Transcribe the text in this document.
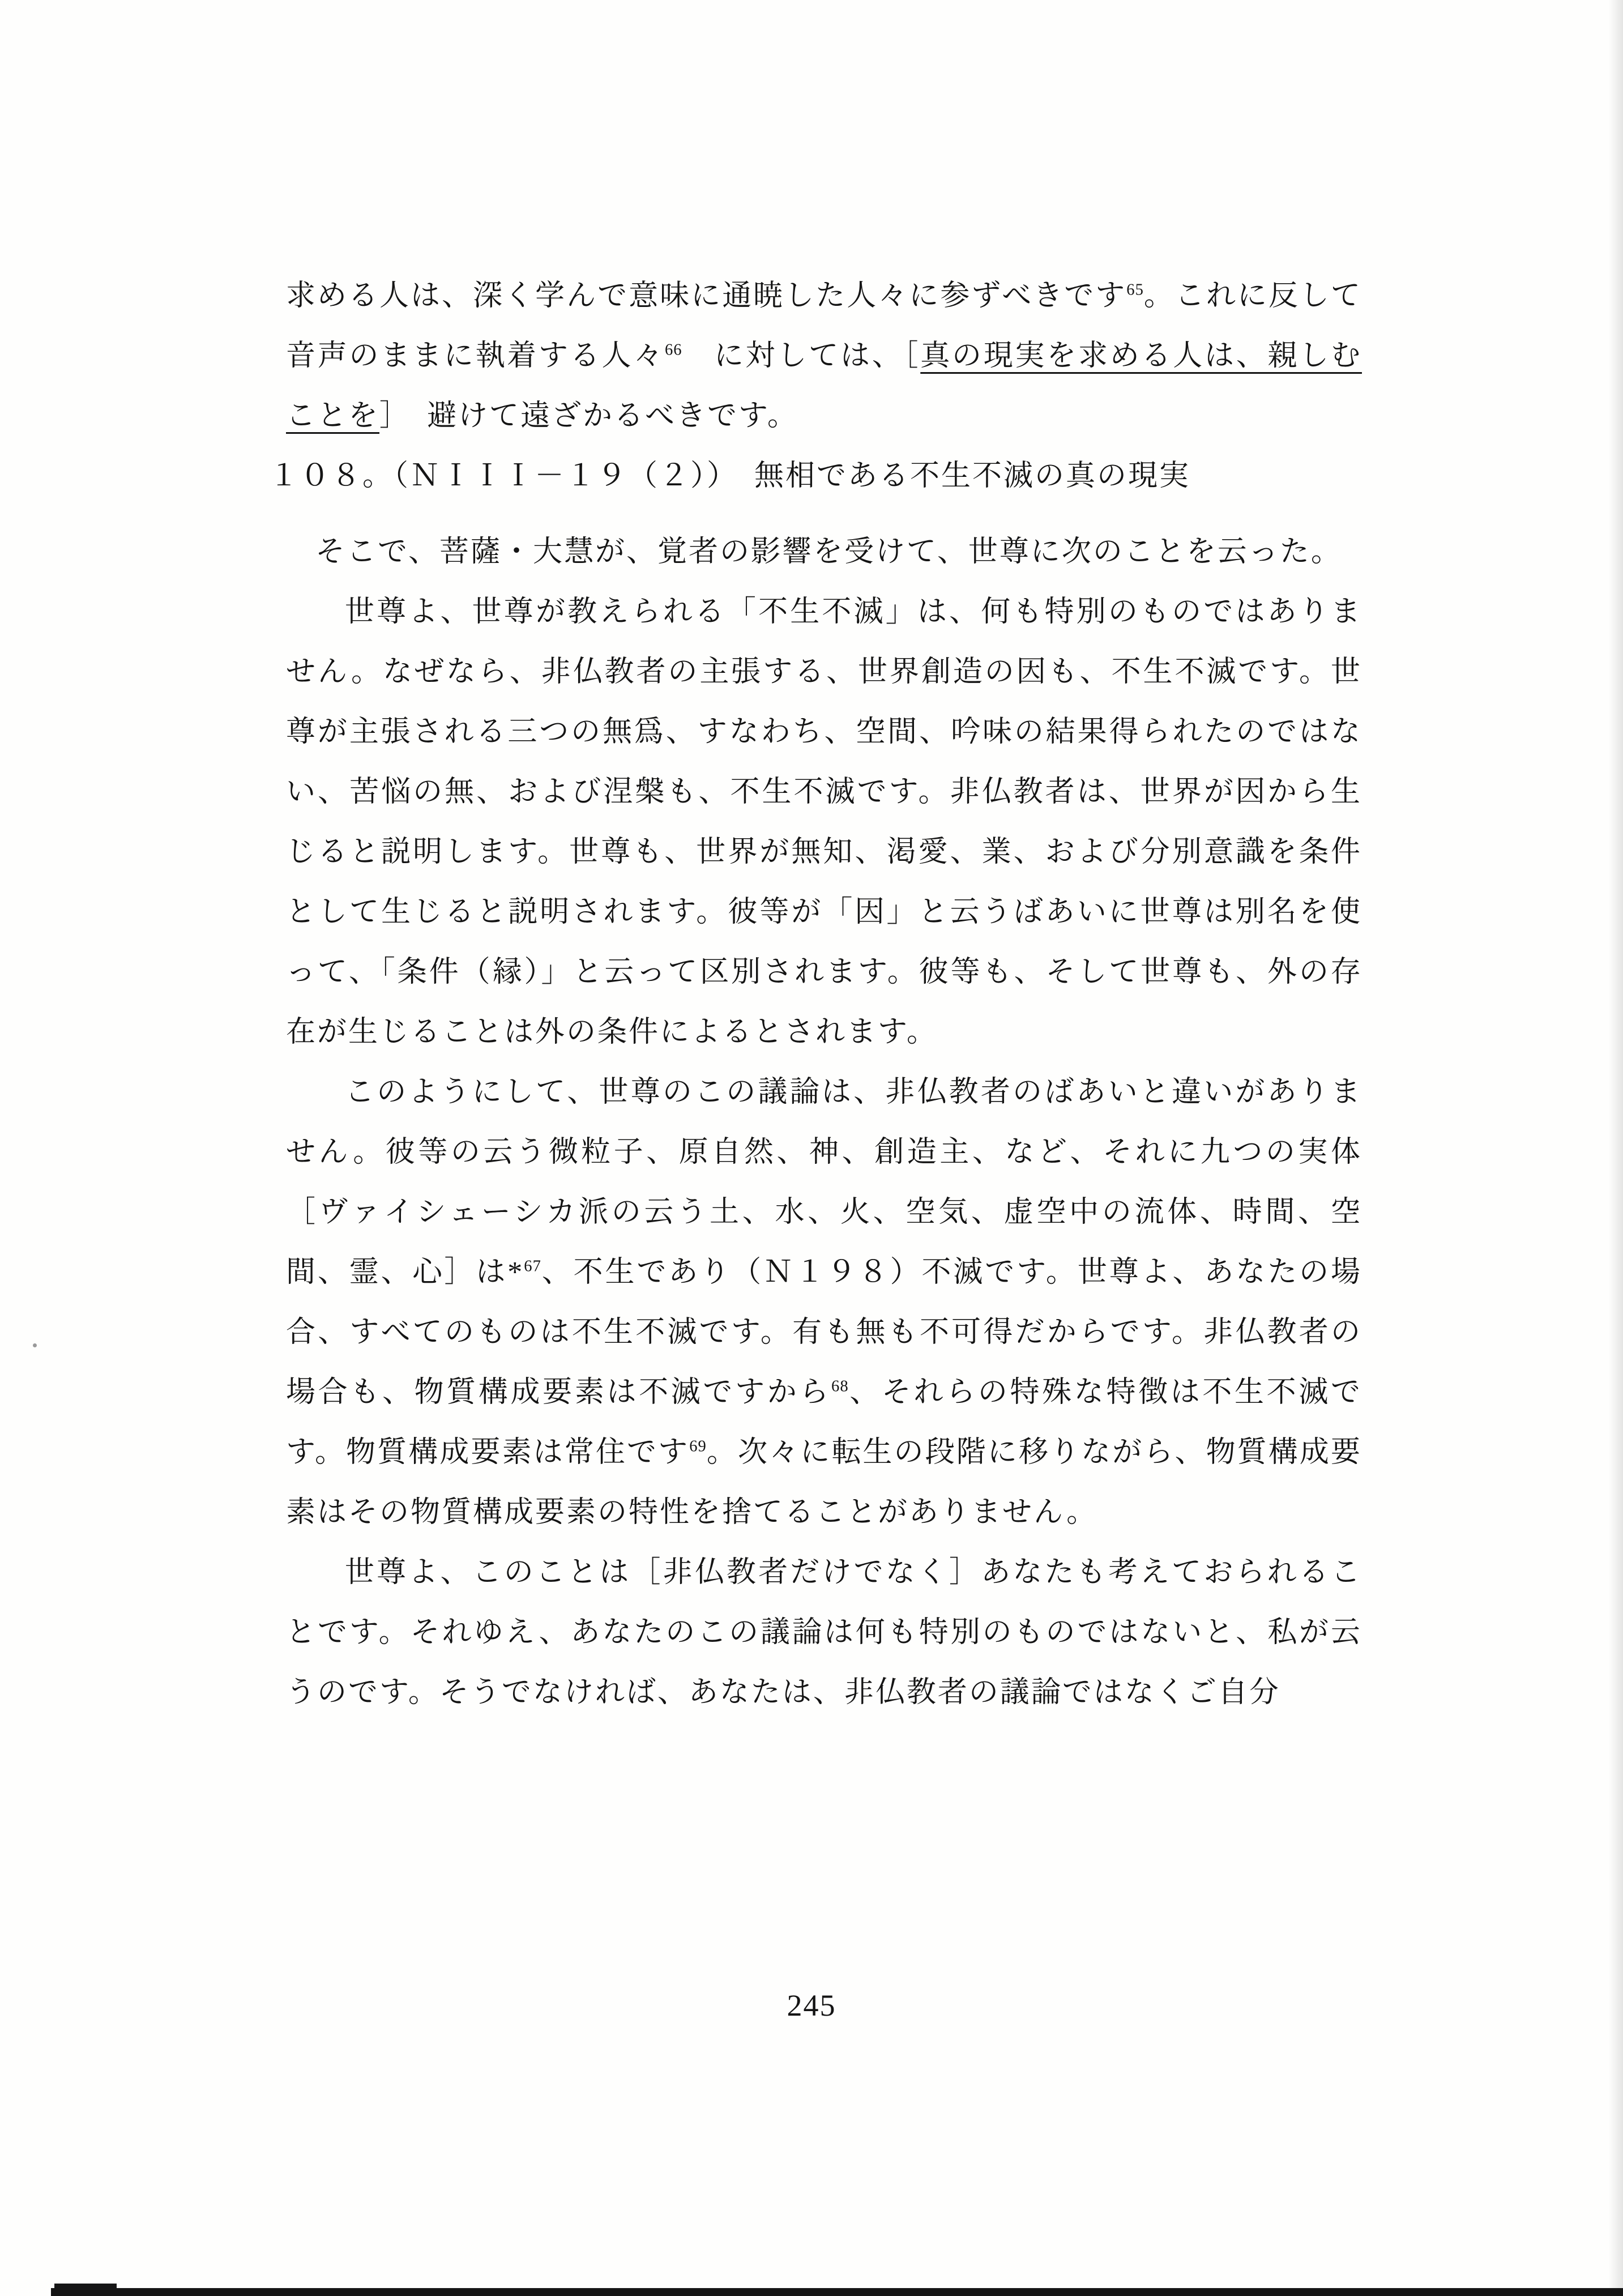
求める人は、深く学んで意味に通暁した人々に参ずべきです$^{65}$。これに反して音声のままに執着する人々$^{66}$　に対しては、［真の現実を求める人は、親しむことを］　避けて遠ざかるべきです。

１０８。（ＮＩＩＩ－１９（２））　無相である不生不滅の真の現実

そこで、菩薩・大慧が、覚者の影響を受けて、世尊に次のことを云った。

世尊よ、世尊が教えられる「不生不滅」は、何も特別のものではありません。なぜなら、非仏教者の主張する、世界創造の因も、不生不滅です。世尊が主張される三つの無爲、すなわち、空間、吟味の結果得られたのではない、苦悩の無、および涅槃も、不生不滅です。非仏教者は、世界が因から生じると説明します。世尊も、世界が無知、渇愛、業、および分別意識を条件として生じると説明されます。彼等が「因」と云うばあいに世尊は別名を使って、「条件（縁）」と云って区別されます。彼等も、そして世尊も、外の存在が生じることは外の条件によるとされます。

このようにして、世尊のこの議論は、非仏教者のばあいと違いがありません。彼等の云う微粒子、原自然、神、創造主、など、それに九つの実体［ヴァイシェーシカ派の云う土、水、火、空気、虚空中の流体、時間、空間、霊、心］は*$^{67}$、不生であり（Ｎ１９８）不滅です。世尊よ、あなたの場合、すべてのものは不生不滅です。有も無も不可得だからです。非仏教者の場合も、物質構成要素は不滅ですから$^{68}$、それらの特殊な特徴は不生不滅です。物質構成要素は常住です$^{69}$。次々に転生の段階に移りながら、物質構成要素はその物質構成要素の特性を捨てることがありません。

世尊よ、このことは［非仏教者だけでなく］あなたも考えておられることです。それゆえ、あなたのこの議論は何も特別のものではないと、私が云うのです。そうでなければ、あなたは、非仏教者の議論ではなくご自分

245
